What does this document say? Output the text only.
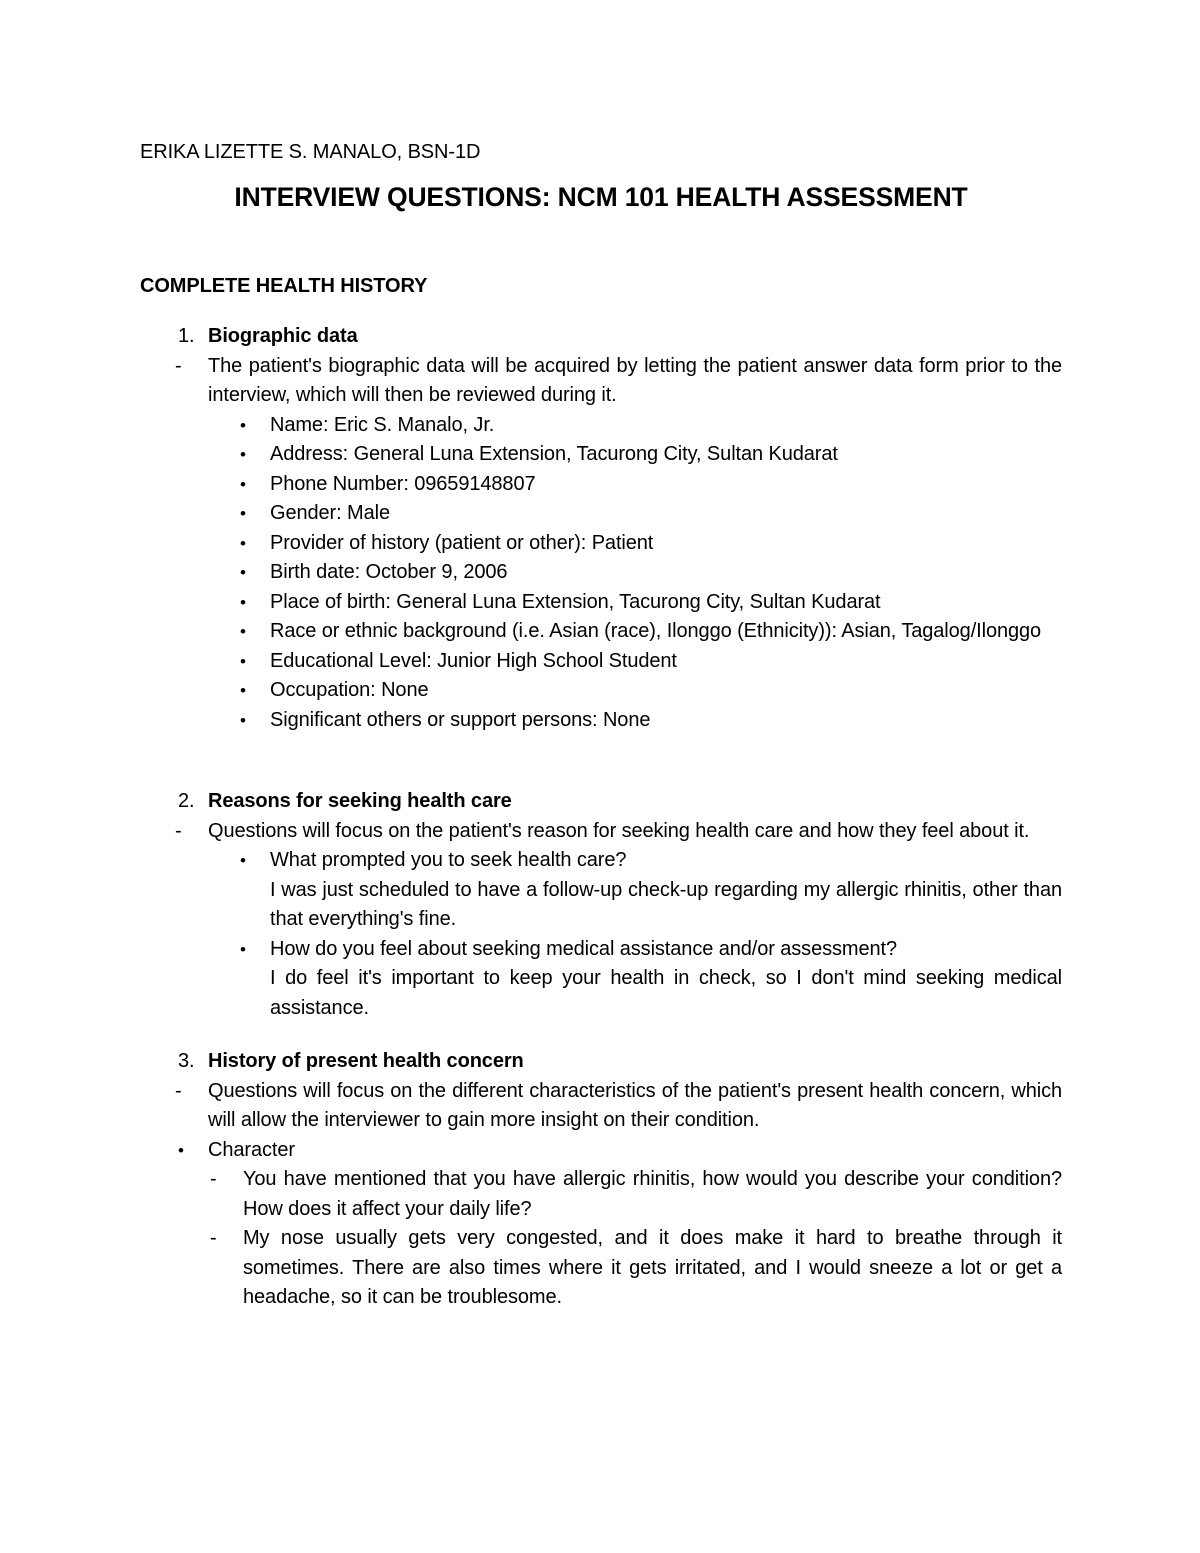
ERIKA LIZETTE S. MANALO, BSN-1D
INTERVIEW QUESTIONS: NCM 101 HEALTH ASSESSMENT
COMPLETE HEALTH HISTORY
1. Biographic data
-	The patient's biographic data will be acquired by letting the patient answer data form prior to the interview, which will then be reviewed during it.
•	Name: Eric S. Manalo, Jr.
•	Address: General Luna Extension, Tacurong City, Sultan Kudarat
•	Phone Number: 09659148807
•	Gender: Male
•	Provider of history (patient or other): Patient
•	Birth date: October 9, 2006
•	Place of birth: General Luna Extension, Tacurong City, Sultan Kudarat
•	Race or ethnic background (i.e. Asian (race), Ilonggo (Ethnicity)): Asian, Tagalog/Ilonggo
•	Educational Level: Junior High School Student
•	Occupation: None
•	Significant others or support persons: None
2. Reasons for seeking health care
-	Questions will focus on the patient's reason for seeking health care and how they feel about it.
•	What prompted you to seek health care?
I was just scheduled to have a follow-up check-up regarding my allergic rhinitis, other than that everything's fine.
•	How do you feel about seeking medical assistance and/or assessment?
I do feel it's important to keep your health in check, so I don't mind seeking medical assistance.
3. History of present health concern
-	Questions will focus on the different characteristics of the patient's present health concern, which will allow the interviewer to gain more insight on their condition.
•	Character
-	You have mentioned that you have allergic rhinitis, how would you describe your condition? How does it affect your daily life?
-	My nose usually gets very congested, and it does make it hard to breathe through it sometimes. There are also times where it gets irritated, and I would sneeze a lot or get a headache, so it can be troublesome.
